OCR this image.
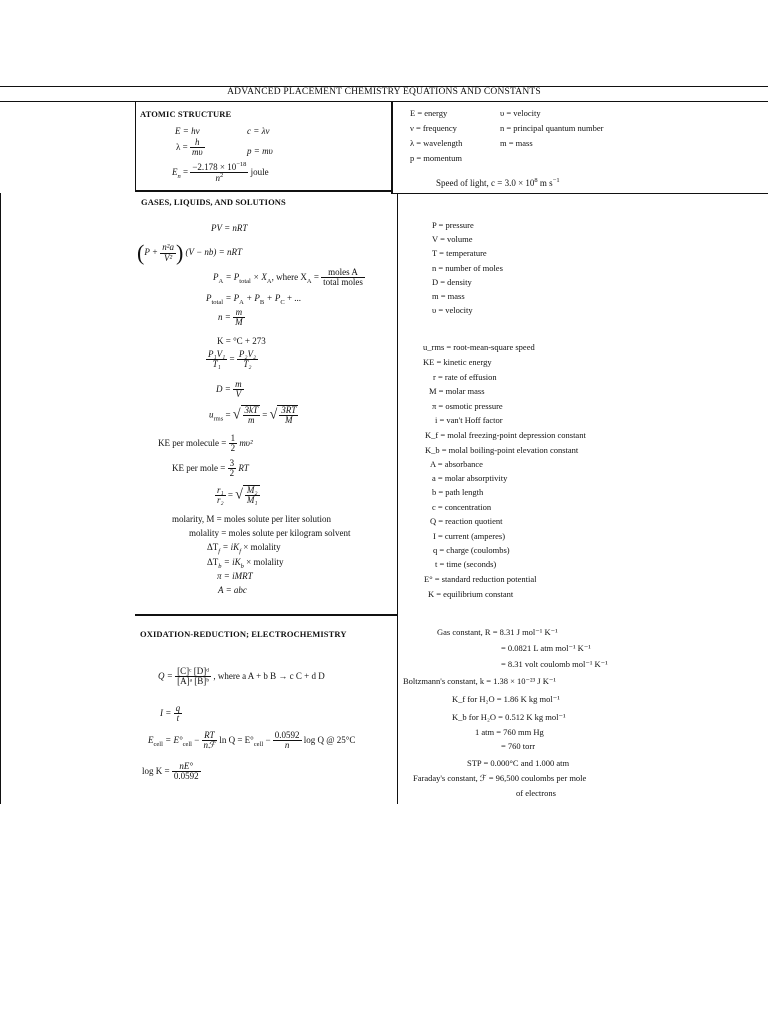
ADVANCED PLACEMENT CHEMISTRY EQUATIONS AND CONSTANTS
ATOMIC STRUCTURE
E = hν	c = λν
$\lambda = \frac{h}{m\upsilon}$	p = mυ
$E_n = \frac{-2.178 \times 10^{-18}}{n^2}$ joule
E = energy
ν = frequency
λ = wavelength
p = momentum
υ = velocity
n = principal quantum number
m = mass
Speed of light, $c = 3.0 \times 10^8$ m $s^{-1}$
GASES, LIQUIDS, AND SOLUTIONS
PV = nRT
($P + \frac{\text{n²a}}{\text{V²}}$ ) (V − nb) = nRT
$P_A = P_{total} \times X_A$, where $X_A = \frac{\text{moles A}}{\text{total moles}}$
$P_{total} = P_A + P_B + P_C$ + ...
$n = \frac{m}{M}$
K = °C + 273
$\frac{\text{P₁V₁}}{\text{T₁}} = \frac{\text{P₂V₂}}{\text{T₂}}$
$D = \frac{m}{V}$
$u_{rms}$ = √ $\frac{3kT}{m}$ = √ $\frac{3RT}{M}$
KE per molecule = $\frac{1}{2} m\upsilon^2$
KE per mole = $\frac{3}{2}$ RT
$\frac{\text{r₁}}{\text{r₂}}$ = √ $\frac{\text{M₂}}{\text{M₁}}$
molarity, M = moles solute per liter solution
molality = moles solute per kilogram solvent
$\Delta T_f = iK_f$ × molality
$\Delta T_b = iK_b$ × molality
π = iMRT
A = abc
P = pressure
V = volume
T = temperature
n = number of moles
D = density
m = mass
υ = velocity
u_rms = root-mean-square speed
KE = kinetic energy
r = rate of effusion
M = molar mass
π = osmotic pressure
i = van't Hoff factor
K_f = molal freezing-point depression constant
K_b = molal boiling-point elevation constant
A = absorbance
a = molar absorptivity
b = path length
c = concentration
Q = reaction quotient
I = current (amperes)
q = charge (coulombs)
t = time (seconds)
E° = standard reduction potential
K = equilibrium constant
OXIDATION-REDUCTION; ELECTROCHEMISTRY
$Q = \frac{\text{[C]ᶜ [D]ᵈ}}{\text{[A]ᵃ [B]ᵇ}}$ , where a A + b B → c C + d D
$I = \frac{q}{t}$
$E_{cell} = E^\circ_{cell} - \frac{RT}{\text{nℱ}}$ $\ln Q = E^\circ_{cell} - \frac{0.0592}{n}$ log Q @ 25°C
$\log K = \frac{nE^\circ}{0.0592}$
Gas constant, R = 8.31 J mol⁻¹ K⁻¹
= 0.0821 L atm mol⁻¹ K⁻¹
= 8.31 volt coulomb mol⁻¹ K⁻¹
Boltzmann's constant, k = 1.38 × 10⁻²³ J K⁻¹
K_f for H₂O = 1.86 K kg mol⁻¹
K_b for H₂O = 0.512 K kg mol⁻¹
1 atm = 760 mm Hg
= 760 torr
STP = 0.000°C and 1.000 atm
Faraday's constant, ℱ = 96,500 coulombs per mole
of electrons
